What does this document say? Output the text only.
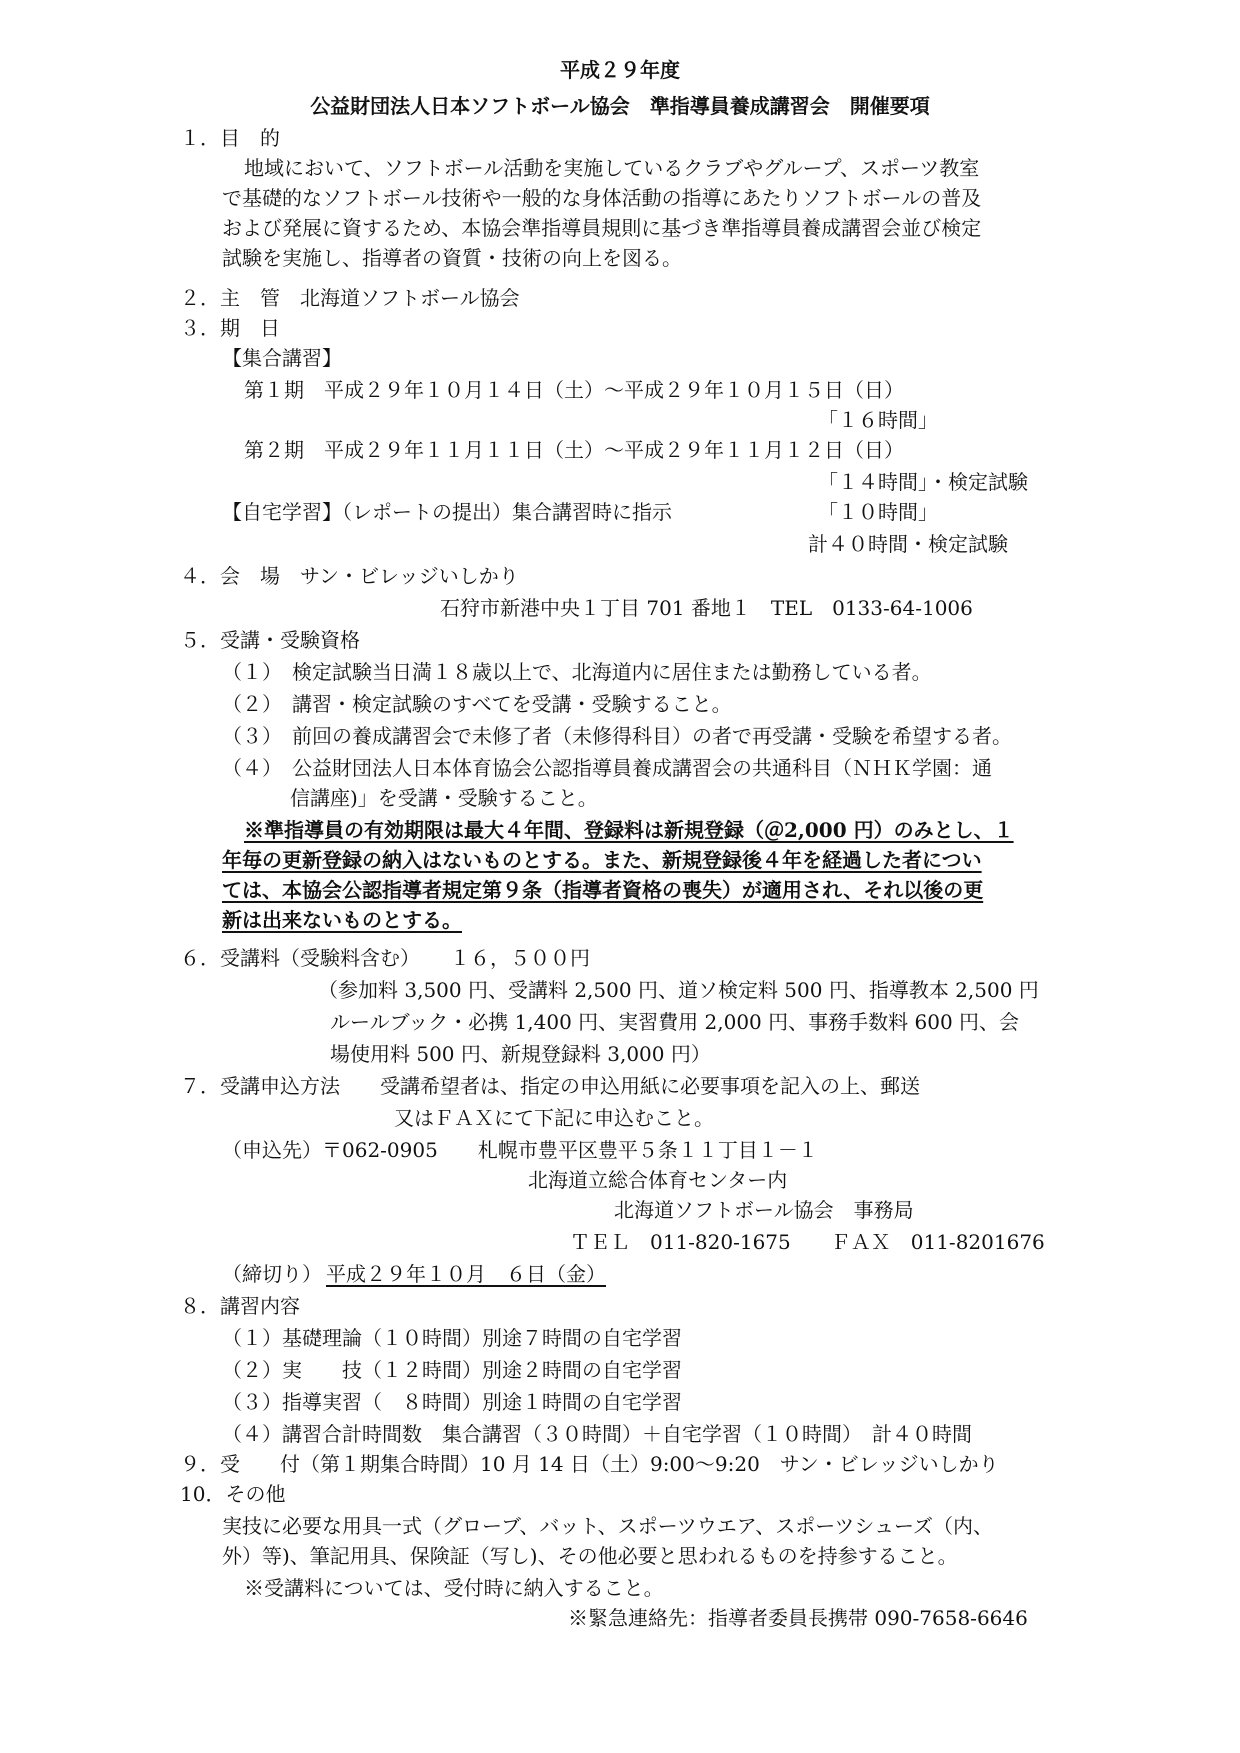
平成２９年度
公益財団法人日本ソフトボール協会　準指導員養成講習会　開催要項
１．目　的
地域において、ソフトボール活動を実施しているクラブやグループ、スポーツ教室
で基礎的なソフトボール技術や一般的な身体活動の指導にあたりソフトボールの普及
および発展に資するため、本協会準指導員規則に基づき準指導員養成講習会並び検定
試験を実施し、指導者の資質・技術の向上を図る。
２．主　管　北海道ソフトボール協会
３．期　日
【集合講習】
第１期　平成２９年１０月１４日（土）～平成２９年１０月１５日（日）
「１６時間」
第２期　平成２９年１１月１１日（土）～平成２９年１１月１２日（日）
「１４時間」・検定試験
【自宅学習】（レポートの提出）集合講習時に指示	「１０時間」
計４０時間・検定試験
４．会　場　サン・ビレッジいしかり
石狩市新港中央１丁目 701 番地１　TEL　0133-64-1006
５．受講・受験資格
（１）　検定試験当日満１８歳以上で、北海道内に居住または勤務している者。
（２）　講習・検定試験のすべてを受講・受験すること。
（３）　前回の養成講習会で未修了者（未修得科目）の者で再受講・受験を希望する者。
（４）　公益財団法人日本体育協会公認指導員養成講習会の共通科目（ＮＨＫ学園：通
信講座)」を受講・受験すること。
※準指導員の有効期限は最大４年間、登録料は新規登録（＠2,000 円）のみとし、１
年毎の更新登録の納入はないものとする。また、新規登録後４年を経過した者につい
ては、本協会公認指導者規定第９条（指導者資格の喪失）が適用され、それ以後の更
新は出来ないものとする。
６．受講料（受験料含む）　　１６，５００円
（参加料 3,500 円、受講料 2,500 円、道ソ検定料 500 円、指導教本 2,500 円
ルールブック・必携 1,400 円、実習費用 2,000 円、事務手数料 600 円、会
場使用料 500 円、新規登録料 3,000 円）
７．受講申込方法　　受講希望者は、指定の申込用紙に必要事項を記入の上、郵送
又はＦＡＸにて下記に申込むこと。
（申込先）〒062-0905　　札幌市豊平区豊平５条１１丁目１－１
北海道立総合体育センター内
北海道ソフトボール協会　事務局
ＴＥＬ　011-820-1675　　ＦＡＸ　011-8201676
（締切り） 平成２９年１０月　６日（金）
８．講習内容
（１）基礎理論（１０時間）別途７時間の自宅学習
（２）実　　技（１２時間）別途２時間の自宅学習
（３）指導実習（　８時間）別途１時間の自宅学習
（４）講習合計時間数　集合講習（３０時間）＋自宅学習（１０時間）　計４０時間
９．受　　付（第１期集合時間）10 月 14 日（土）9:00～9:20　サン・ビレッジいしかり
10．その他
実技に必要な用具一式（グローブ、バット、スポーツウエア、スポーツシューズ（内、
外）等)、筆記用具、保険証（写し)、その他必要と思われるものを持参すること。
※受講料については、受付時に納入すること。
※緊急連絡先：指導者委員長携帯 090-7658-6646
